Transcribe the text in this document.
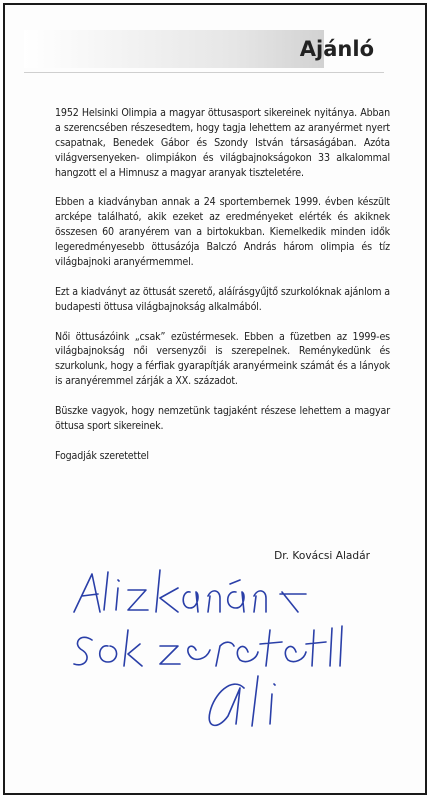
Ajánló

1952 Helsinki Olimpia a magyar öttusasport sikereinek nyitánya. Abban a szerencsében részesedtem, hogy tagja lehettem az aranyérmet nyert csapatnak, Benedek Gábor és Szondy István társaságában. Azóta világversenyeken- olimpiákon és világbajnokságokon 33 alkalommal hangzott el a Himnusz a magyar aranyak tiszteletére.

Ebben a kiadványban annak a 24 sportembernek 1999. évben készült arcképe található, akik ezeket az eredményeket elérték és akiknek összesen 60 aranyérem van a birtokukban. Kiemelkedik minden idők legeredményesebb öttusázója Balczó András három olimpia és tíz világbajnoki aranyérmemmel.

Ezt a kiadványt az öttusát szerető, aláírásgyűjtő szurkolóknak ajánlom a budapesti öttusa világbajnokság alkalmából.

Női öttusázóink „csak” ezüstérmesek. Ebben a füzetben az 1999-es világbajnokság női versenyzői is szerepelnek. Reménykedünk és szurkolunk, hogy a férfiak gyarapítják aranyérmeink számát és a lányok is aranyéremmel zárják a XX. századot.

Büszke vagyok, hogy nemzetünk tagjaként részese lehettem a magyar öttusa sport sikereinek.

Fogadják szeretettel

Dr. Kovácsi Aladár
